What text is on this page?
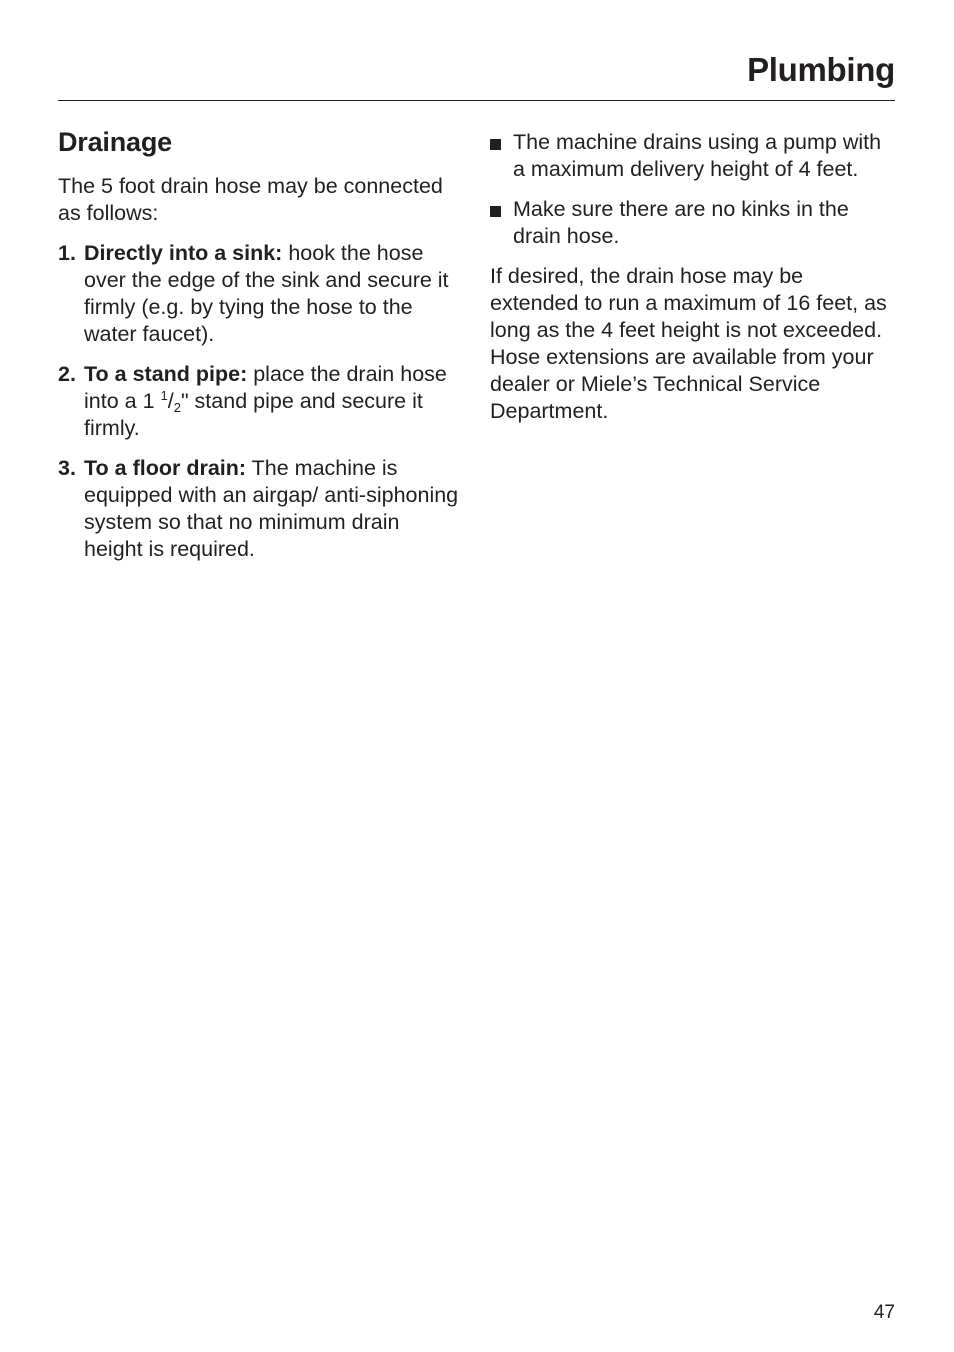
Plumbing
Drainage

The 5 foot drain hose may be connected as follows:

1. Directly into a sink: hook the hose over the edge of the sink and secure it firmly (e.g. by tying the hose to the water faucet).
2. To a stand pipe: place the drain hose into a 1 $^1/_2$" stand pipe and secure it firmly.
3. To a floor drain: The machine is equipped with an airgap/ anti-siphoning system so that no minimum drain height is required.
The machine drains using a pump with a maximum delivery height of 4 feet.
Make sure there are no kinks in the drain hose.

If desired, the drain hose may be extended to run a maximum of 16 feet, as long as the 4 feet height is not exceeded. Hose extensions are available from your dealer or Miele’s Technical Service Department.

47
